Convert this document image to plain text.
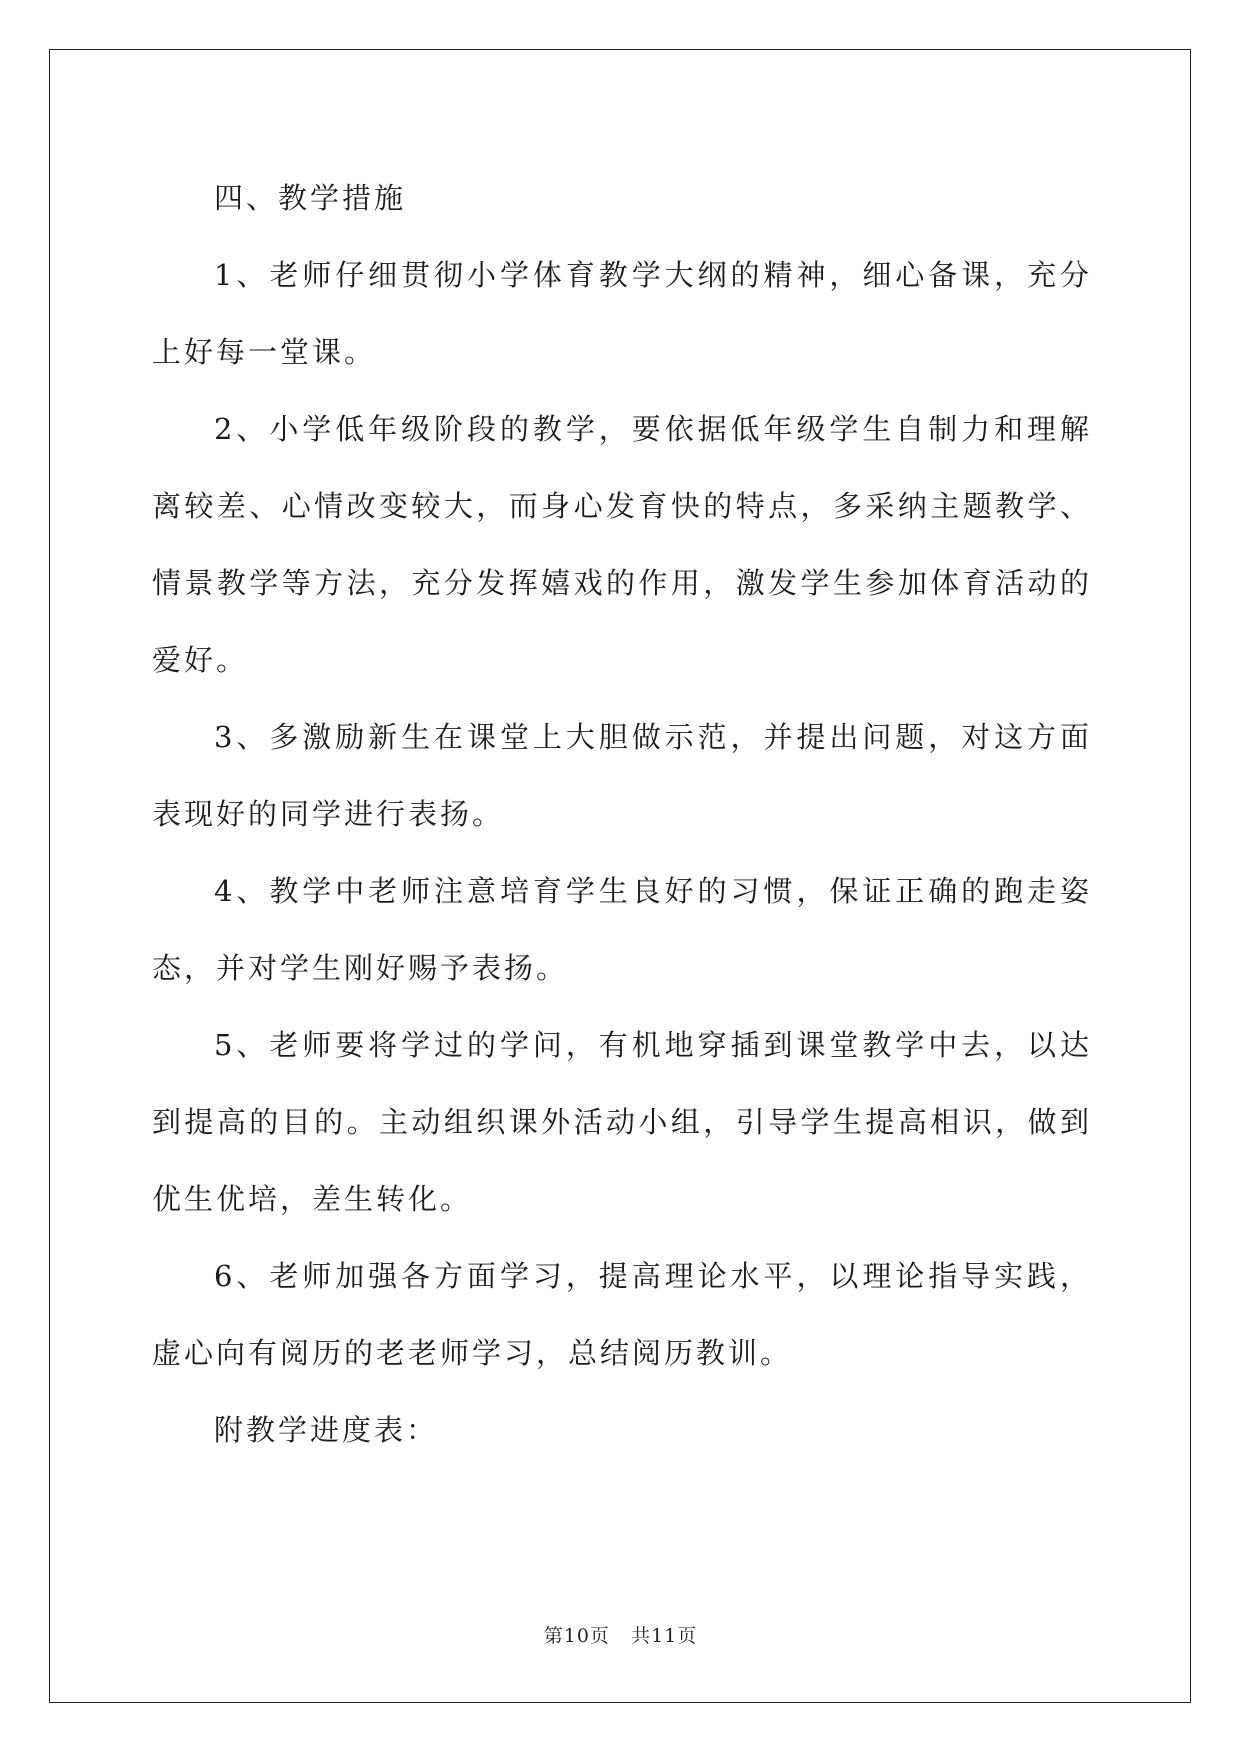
四、教学措施

1、老师仔细贯彻小学体育教学大纲的精神，细心备课，充分上好每一堂课。

2、小学低年级阶段的教学，要依据低年级学生自制力和理解离较差、心情改变较大，而身心发育快的特点，多采纳主题教学、情景教学等方法，充分发挥嬉戏的作用，激发学生参加体育活动的爱好。

3、多激励新生在课堂上大胆做示范，并提出问题，对这方面表现好的同学进行表扬。

4、教学中老师注意培育学生良好的习惯，保证正确的跑走姿态，并对学生刚好赐予表扬。

5、老师要将学过的学问，有机地穿插到课堂教学中去，以达到提高的目的。主动组织课外活动小组，引导学生提高相识，做到优生优培，差生转化。

6、老师加强各方面学习，提高理论水平，以理论指导实践，虚心向有阅历的老老师学习，总结阅历教训。

附教学进度表：

第10页 共11页
